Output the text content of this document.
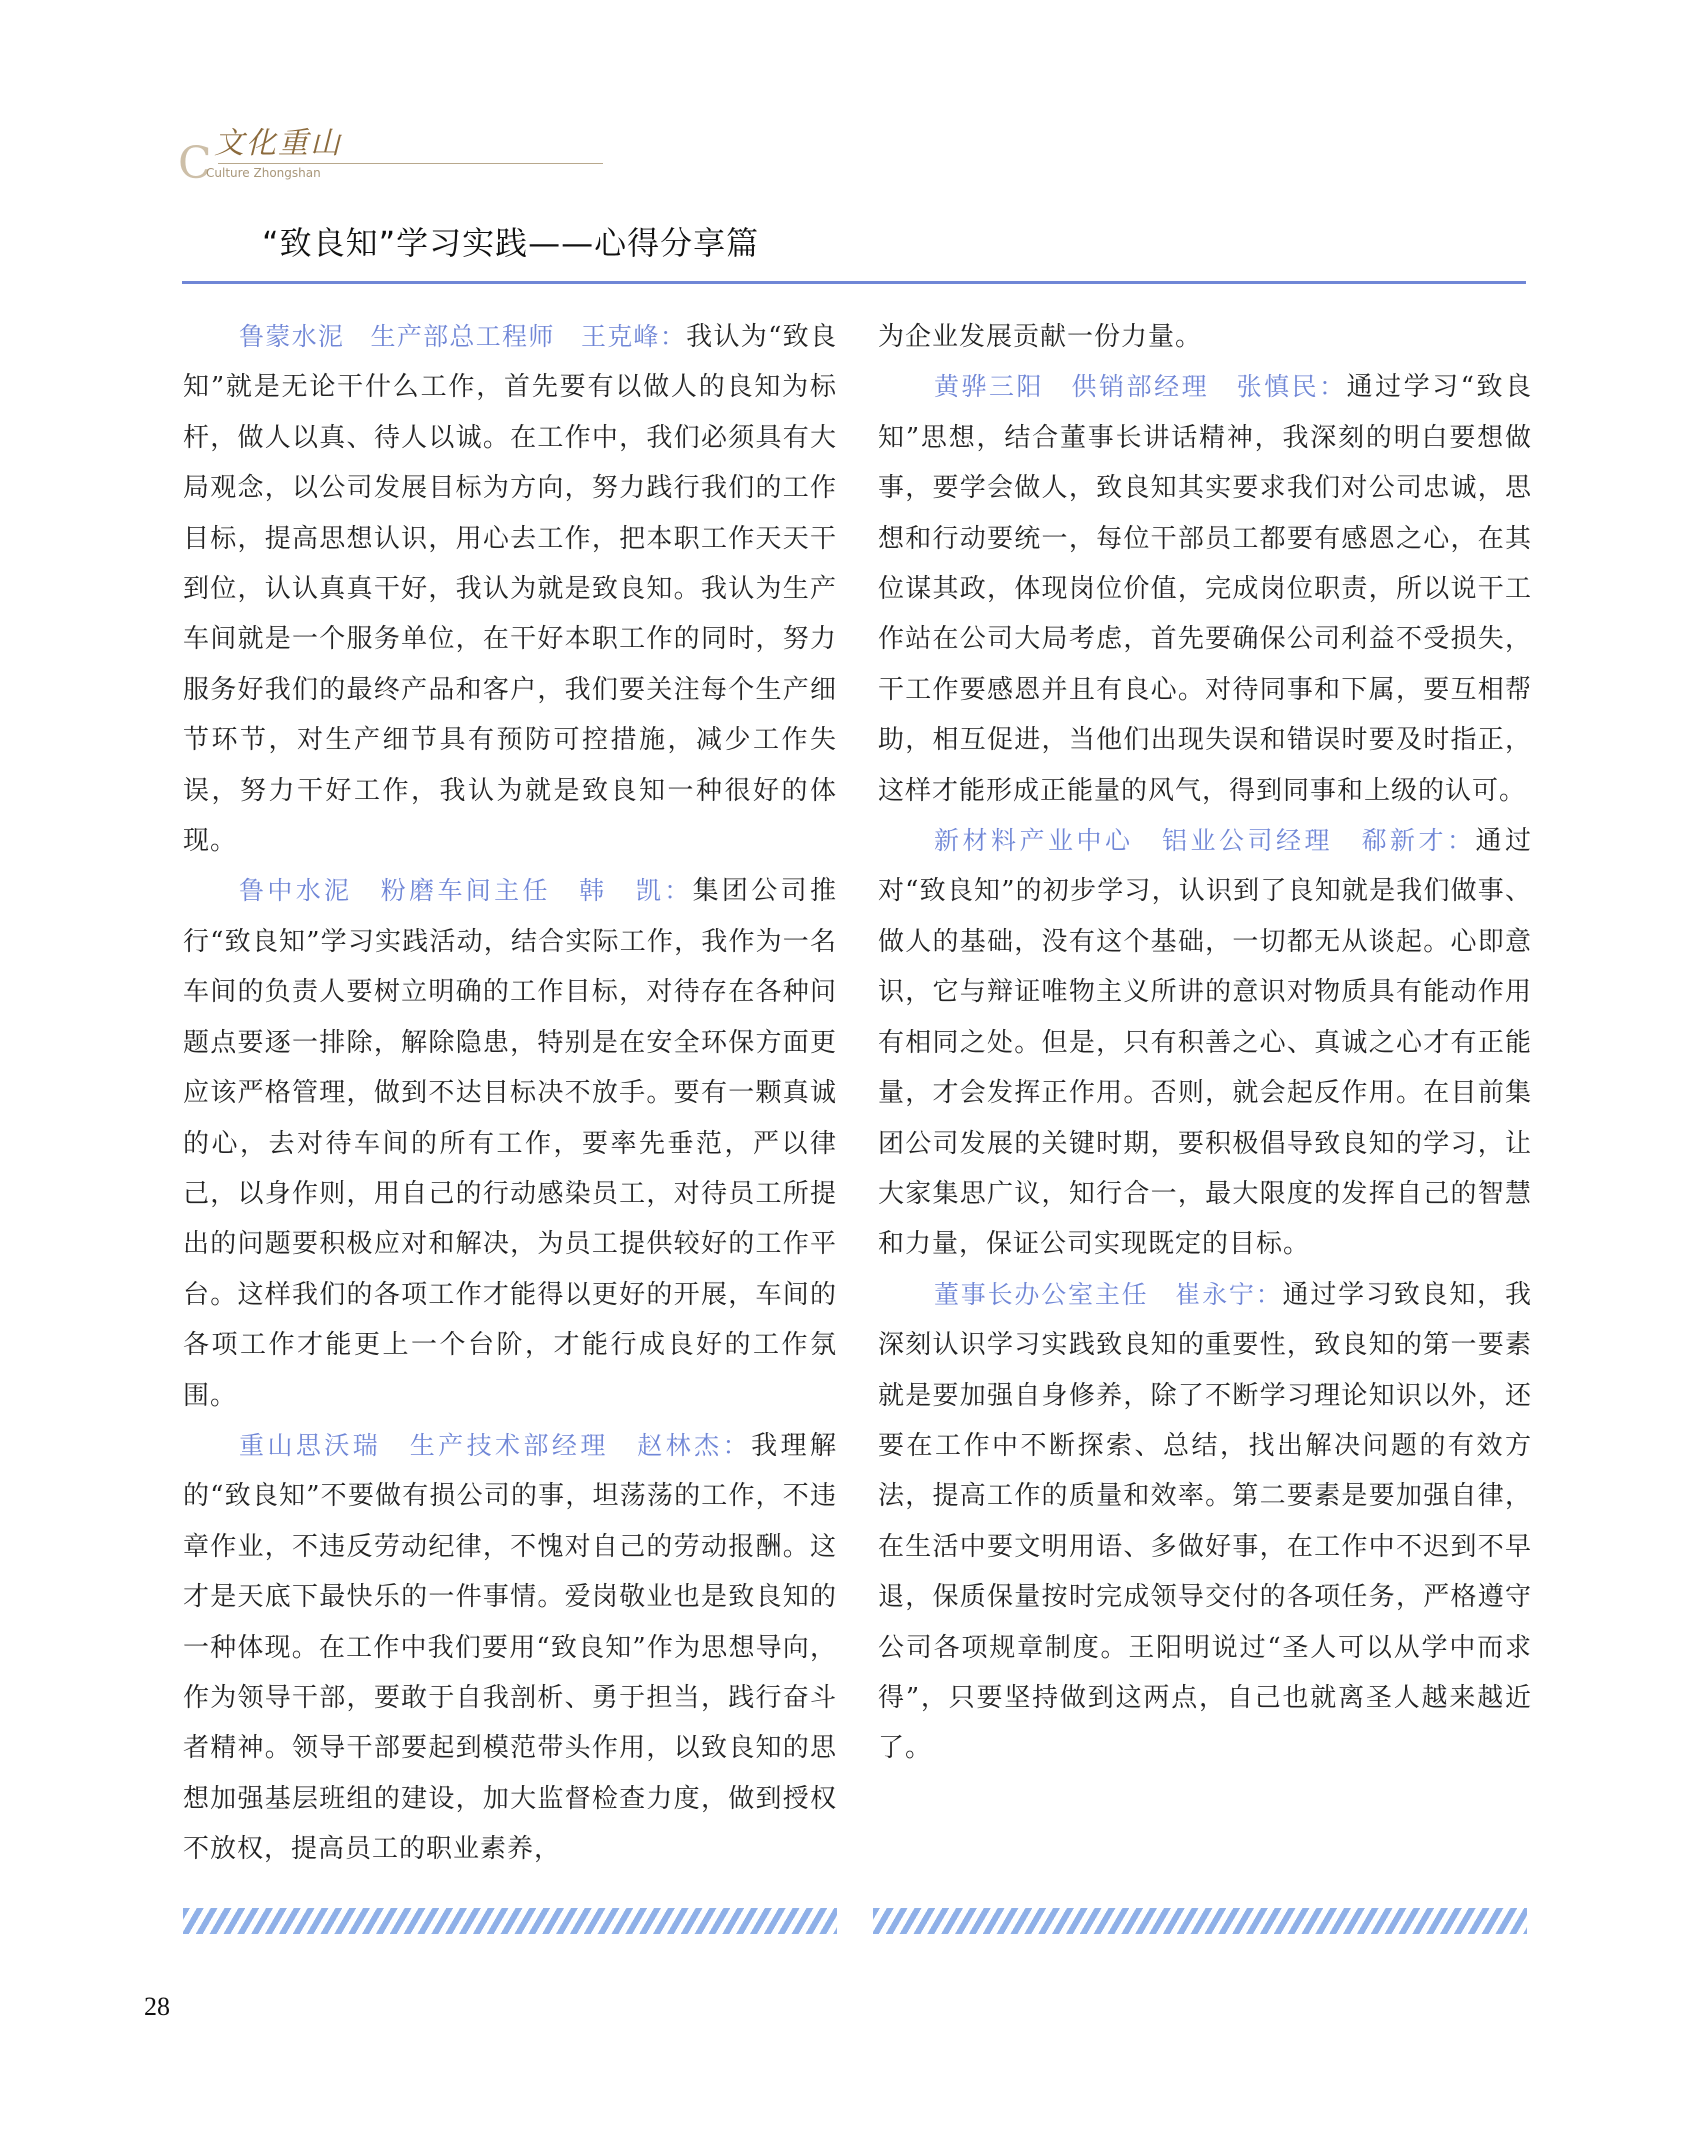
C 文化重山
Culture Zhongshan
“致良知”学习实践——心得分享篇

鲁蒙水泥　生产部总工程师　王克峰：我认为“致良知”就是无论干什么工作，首先要有以做人的良知为标杆，做人以真、待人以诚。在工作中，我们必须具有大局观念，以公司发展目标为方向，努力践行我们的工作目标，提高思想认识，用心去工作，把本职工作天天干到位，认认真真干好，我认为就是致良知。我认为生产车间就是一个服务单位，在干好本职工作的同时，努力服务好我们的最终产品和客户，我们要关注每个生产细节环节，对生产细节具有预防可控措施，减少工作失误，努力干好工作，我认为就是致良知一种很好的体现。

鲁中水泥　粉磨车间主任　韩　凯：集团公司推行“致良知”学习实践活动，结合实际工作，我作为一名车间的负责人要树立明确的工作目标，对待存在各种问题点要逐一排除，解除隐患，特别是在安全环保方面更应该严格管理，做到不达目标决不放手。要有一颗真诚的心，去对待车间的所有工作，要率先垂范，严以律己，以身作则，用自己的行动感染员工，对待员工所提出的问题要积极应对和解决，为员工提供较好的工作平台。这样我们的各项工作才能得以更好的开展，车间的各项工作才能更上一个台阶，才能行成良好的工作氛围。

重山思沃瑞　生产技术部经理　赵林杰：我理解的“致良知”不要做有损公司的事，坦荡荡的工作，不违章作业，不违反劳动纪律，不愧对自己的劳动报酬。这才是天底下最快乐的一件事情。爱岗敬业也是致良知的一种体现。在工作中我们要用“致良知”作为思想导向，作为领导干部，要敢于自我剖析、勇于担当，践行奋斗者精神。领导干部要起到模范带头作用，以致良知的思想加强基层班组的建设，加大监督检查力度，做到授权不放权，提高员工的职业素养，

为企业发展贡献一份力量。

黄骅三阳　供销部经理　张慎民：通过学习“致良知”思想，结合董事长讲话精神，我深刻的明白要想做事，要学会做人，致良知其实要求我们对公司忠诚，思想和行动要统一，每位干部员工都要有感恩之心，在其位谋其政，体现岗位价值，完成岗位职责，所以说干工作站在公司大局考虑，首先要确保公司利益不受损失，干工作要感恩并且有良心。对待同事和下属，要互相帮助，相互促进，当他们出现失误和错误时要及时指正，这样才能形成正能量的风气，得到同事和上级的认可。

新材料产业中心　铝业公司经理　郗新才：通过对“致良知”的初步学习，认识到了良知就是我们做事、做人的基础，没有这个基础，一切都无从谈起。心即意识，它与辩证唯物主义所讲的意识对物质具有能动作用有相同之处。但是，只有积善之心、真诚之心才有正能量，才会发挥正作用。否则，就会起反作用。在目前集团公司发展的关键时期，要积极倡导致良知的学习，让大家集思广议，知行合一，最大限度的发挥自己的智慧和力量，保证公司实现既定的目标。

董事长办公室主任　崔永宁：通过学习致良知，我深刻认识学习实践致良知的重要性，致良知的第一要素就是要加强自身修养，除了不断学习理论知识以外，还要在工作中不断探索、总结，找出解决问题的有效方法，提高工作的质量和效率。第二要素是要加强自律，在生活中要文明用语、多做好事，在工作中不迟到不早退，保质保量按时完成领导交付的各项任务，严格遵守公司各项规章制度。王阳明说过“圣人可以从学中而求得”，只要坚持做到这两点，自己也就离圣人越来越近了。

28
